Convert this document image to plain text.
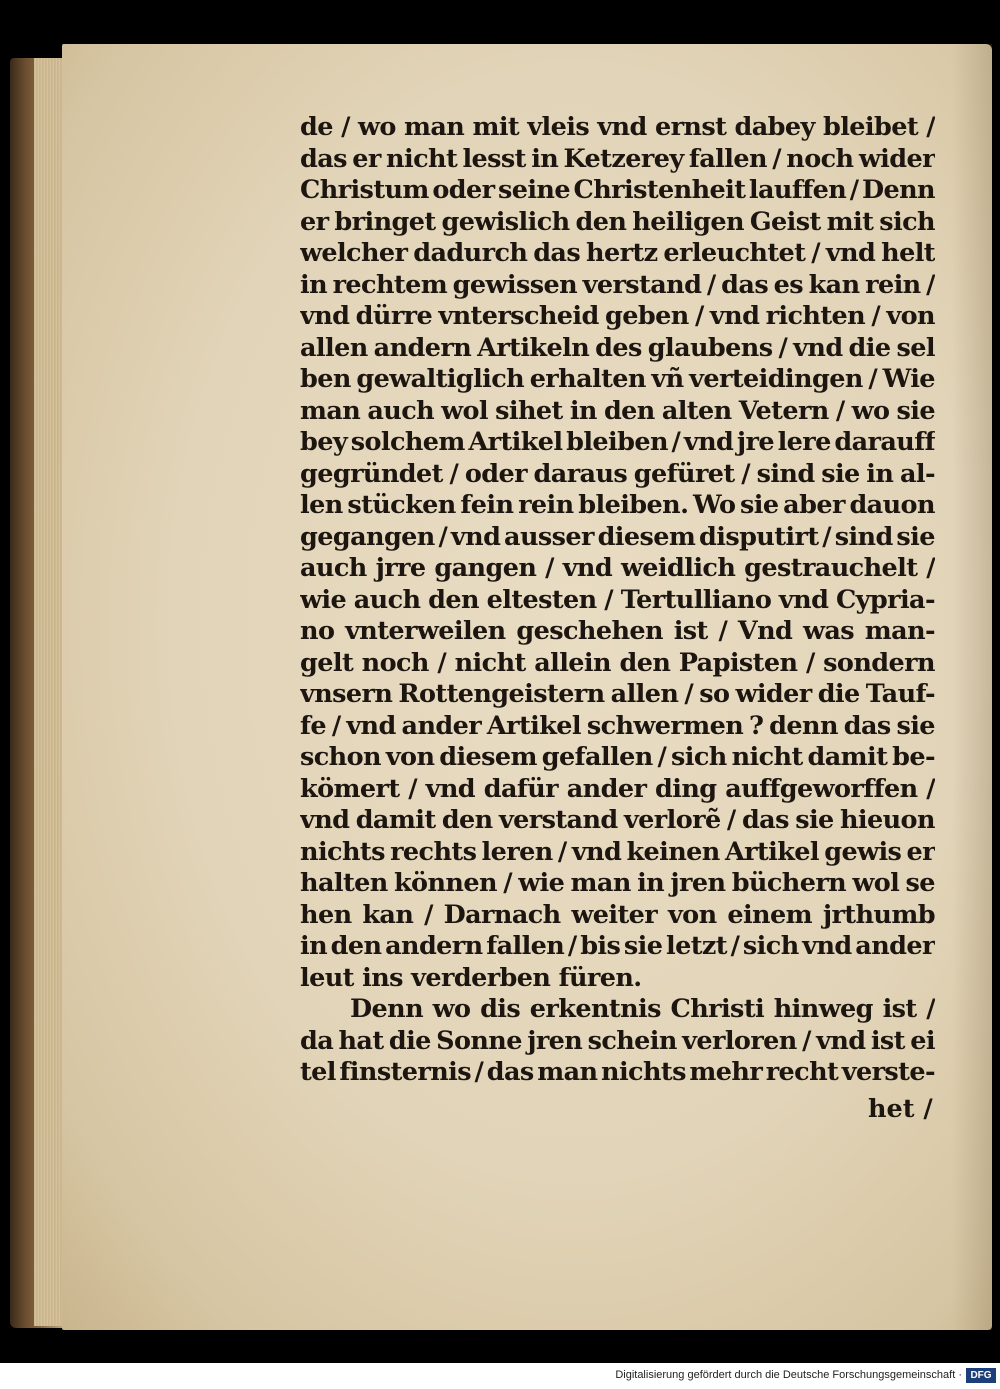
de / wo man mit vleis vnd ernst dabey bleibet /
das er nicht lesst in Ketzerey fallen / noch wider
Christum oder seine Christenheit lauffen / Denn
er bringet gewislich den heiligen Geist mit sich
welcher dadurch das hertz erleuchtet / vnd helt
in rechtem gewissen verstand / das es kan rein /
vnd dürre vnterscheid geben / vnd richten / von
allen andern Artikeln des glaubens / vnd die sel
ben gewaltiglich erhalten vñ verteidingen / Wie
man auch wol sihet in den alten Vetern / wo sie
bey solchem Artikel bleiben / vnd jre lere darauff
gegründet / oder daraus gefüret / sind sie in al-
len stücken fein rein bleiben. Wo sie aber dauon
gegangen / vnd ausser diesem disputirt / sind sie
auch jrre gangen / vnd weidlich gestrauchelt /
wie auch den eltesten / Tertulliano vnd Cypria-
no vnterweilen geschehen ist / Vnd was man-
gelt noch / nicht allein den Papisten / sondern
vnsern Rottengeistern allen / so wider die Tauf-
fe / vnd ander Artikel schwermen ? denn das sie
schon von diesem gefallen / sich nicht damit be-
kömert / vnd dafür ander ding auffgeworffen /
vnd damit den verstand verlorẽ / das sie hieuon
nichts rechts leren / vnd keinen Artikel gewis er
halten können / wie man in jren büchern wol se
hen kan / Darnach weiter von einem jrthumb
in den andern fallen / bis sie letzt / sich vnd ander
leut ins verderben füren.
Denn wo dis erkentnis Christi hinweg ist /
da hat die Sonne jren schein verloren / vnd ist ei
tel finsternis / das man nichts mehr recht verste-
het /
Digitalisierung gefördert durch die Deutsche Forschungsgemeinschaft · DFG
